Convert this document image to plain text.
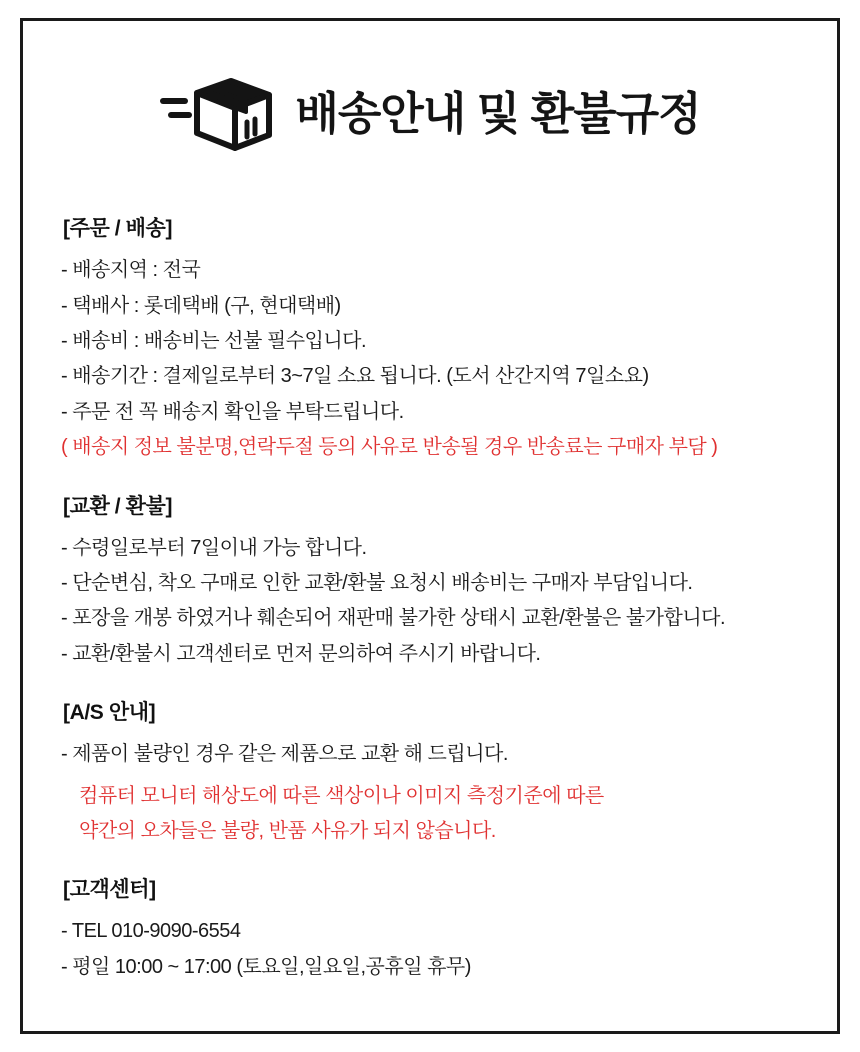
배송안내 및 환불규정
[주문 / 배송]

- 배송지역 : 전국

- 택배사 : 롯데택배 (구, 현대택배)

- 배송비 : 배송비는 선불 필수입니다.

- 배송기간 : 결제일로부터 3~7일 소요 됩니다. (도서 산간지역 7일소요)

- 주문 전 꼭 배송지 확인을 부탁드립니다.

( 배송지 정보 불분명,연락두절 등의 사유로 반송될 경우 반송료는 구매자 부담 )

[교환 / 환불]

- 수령일로부터 7일이내 가능 합니다.

- 단순변심, 착오 구매로 인한 교환/환불 요청시 배송비는 구매자 부담입니다.

- 포장을 개봉 하였거나 훼손되어 재판매 불가한 상태시 교환/환불은 불가합니다.

- 교환/환불시 고객센터로 먼저 문의하여 주시기 바랍니다.

[A/S 안내]

- 제품이 불량인 경우 같은 제품으로 교환 해 드립니다.

컴퓨터 모니터 해상도에 따른 색상이나 이미지 측정기준에 따른

약간의 오차들은 불량, 반품 사유가 되지 않습니다.

[고객센터]

- TEL 010-9090-6554

- 평일 10:00 ~ 17:00 (토요일,일요일,공휴일 휴무)
